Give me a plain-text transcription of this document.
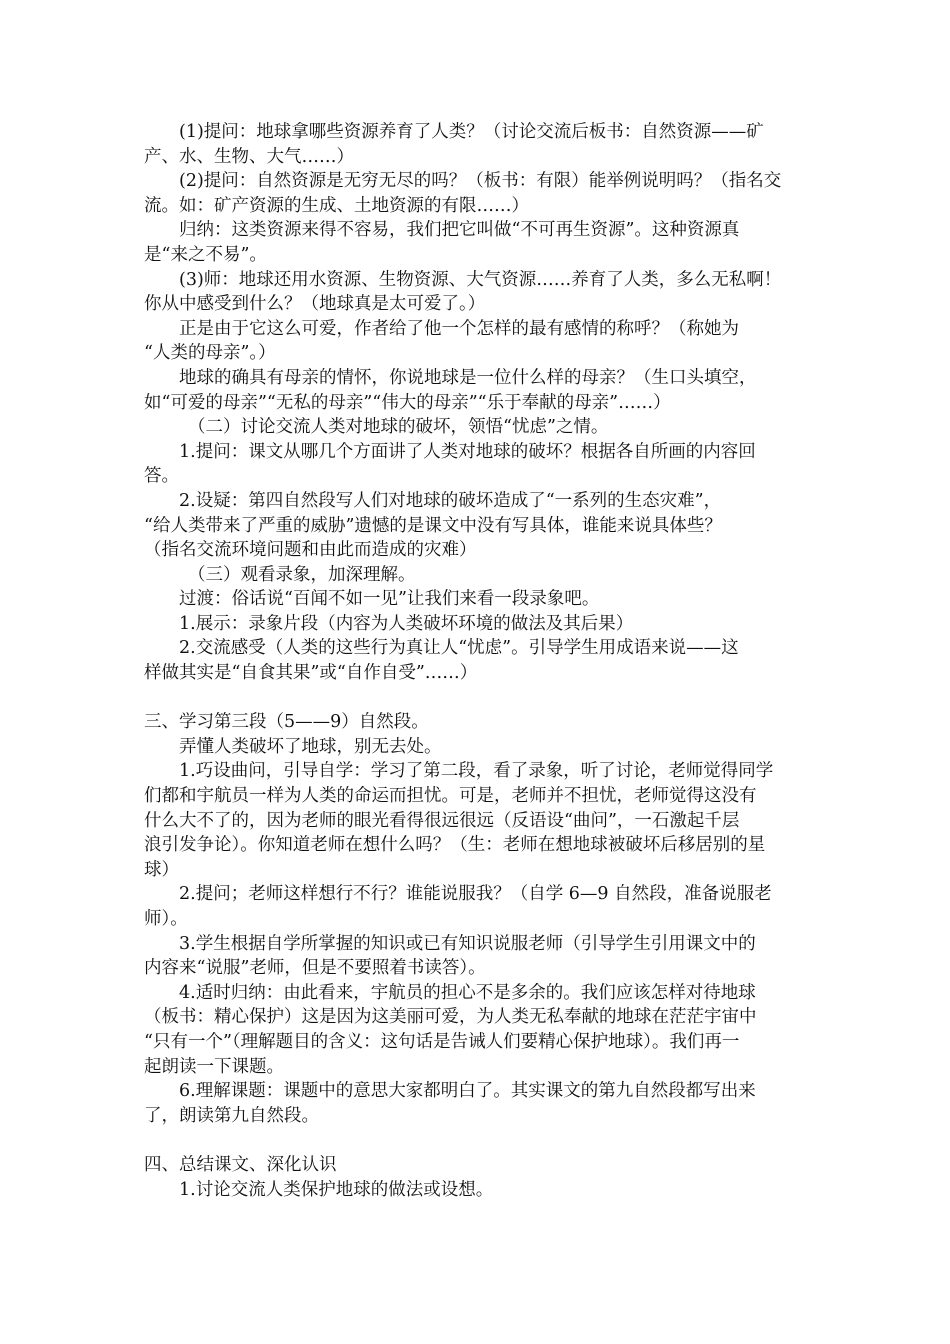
(1)提问：地球拿哪些资源养育了人类？（讨论交流后板书：自然资源——矿
产、水、生物、大气……）
(2)提问：自然资源是无穷无尽的吗？（板书：有限）能举例说明吗？（指名交
流。如：矿产资源的生成、土地资源的有限……）
归纳：这类资源来得不容易，我们把它叫做“不可再生资源”。这种资源真
是“来之不易”。
(3)师：地球还用水资源、生物资源、大气资源……养育了人类，多么无私啊！
你从中感受到什么？（地球真是太可爱了。）
正是由于它这么可爱，作者给了他一个怎样的最有感情的称呼？（称她为
“人类的母亲”。）
地球的确具有母亲的情怀，你说地球是一位什么样的母亲？（生口头填空，
如“可爱的母亲”“无私的母亲”“伟大的母亲”“乐于奉献的母亲”……）
（二）讨论交流人类对地球的破坏，领悟“忧虑”之情。
1.提问：课文从哪几个方面讲了人类对地球的破坏？根据各自所画的内容回
答。
2.设疑：第四自然段写人们对地球的破坏造成了“一系列的生态灾难”，
“给人类带来了严重的威胁”遗憾的是课文中没有写具体，谁能来说具体些？
（指名交流环境问题和由此而造成的灾难）
（三）观看录象，加深理解。
过渡：俗话说“百闻不如一见”让我们来看一段录象吧。
1.展示：录象片段（内容为人类破坏环境的做法及其后果）
2.交流感受（人类的这些行为真让人“忧虑”。引导学生用成语来说——这
样做其实是“自食其果”或“自作自受”……）
三、学习第三段（5——9）自然段。
弄懂人类破坏了地球，别无去处。
1.巧设曲问，引导自学：学习了第二段，看了录象，听了讨论，老师觉得同学
们都和宇航员一样为人类的命运而担忧。可是，老师并不担忧，老师觉得这没有
什么大不了的，因为老师的眼光看得很远很远（反语设“曲问”，一石激起千层
浪引发争论）。你知道老师在想什么吗？（生：老师在想地球被破坏后移居别的星
球）
2.提问；老师这样想行不行？谁能说服我？（自学 6—9 自然段，准备说服老
师）。
3.学生根据自学所掌握的知识或已有知识说服老师（引导学生引用课文中的
内容来“说服”老师，但是不要照着书读答）。
4.适时归纳：由此看来，宇航员的担心不是多余的。我们应该怎样对待地球
（板书：精心保护）这是因为这美丽可爱，为人类无私奉献的地球在茫茫宇宙中
“只有一个”（理解题目的含义：这句话是告诫人们要精心保护地球）。我们再一
起朗读一下课题。
6.理解课题：课题中的意思大家都明白了。其实课文的第九自然段都写出来
了，朗读第九自然段。
四、总结课文、深化认识
1.讨论交流人类保护地球的做法或设想。
